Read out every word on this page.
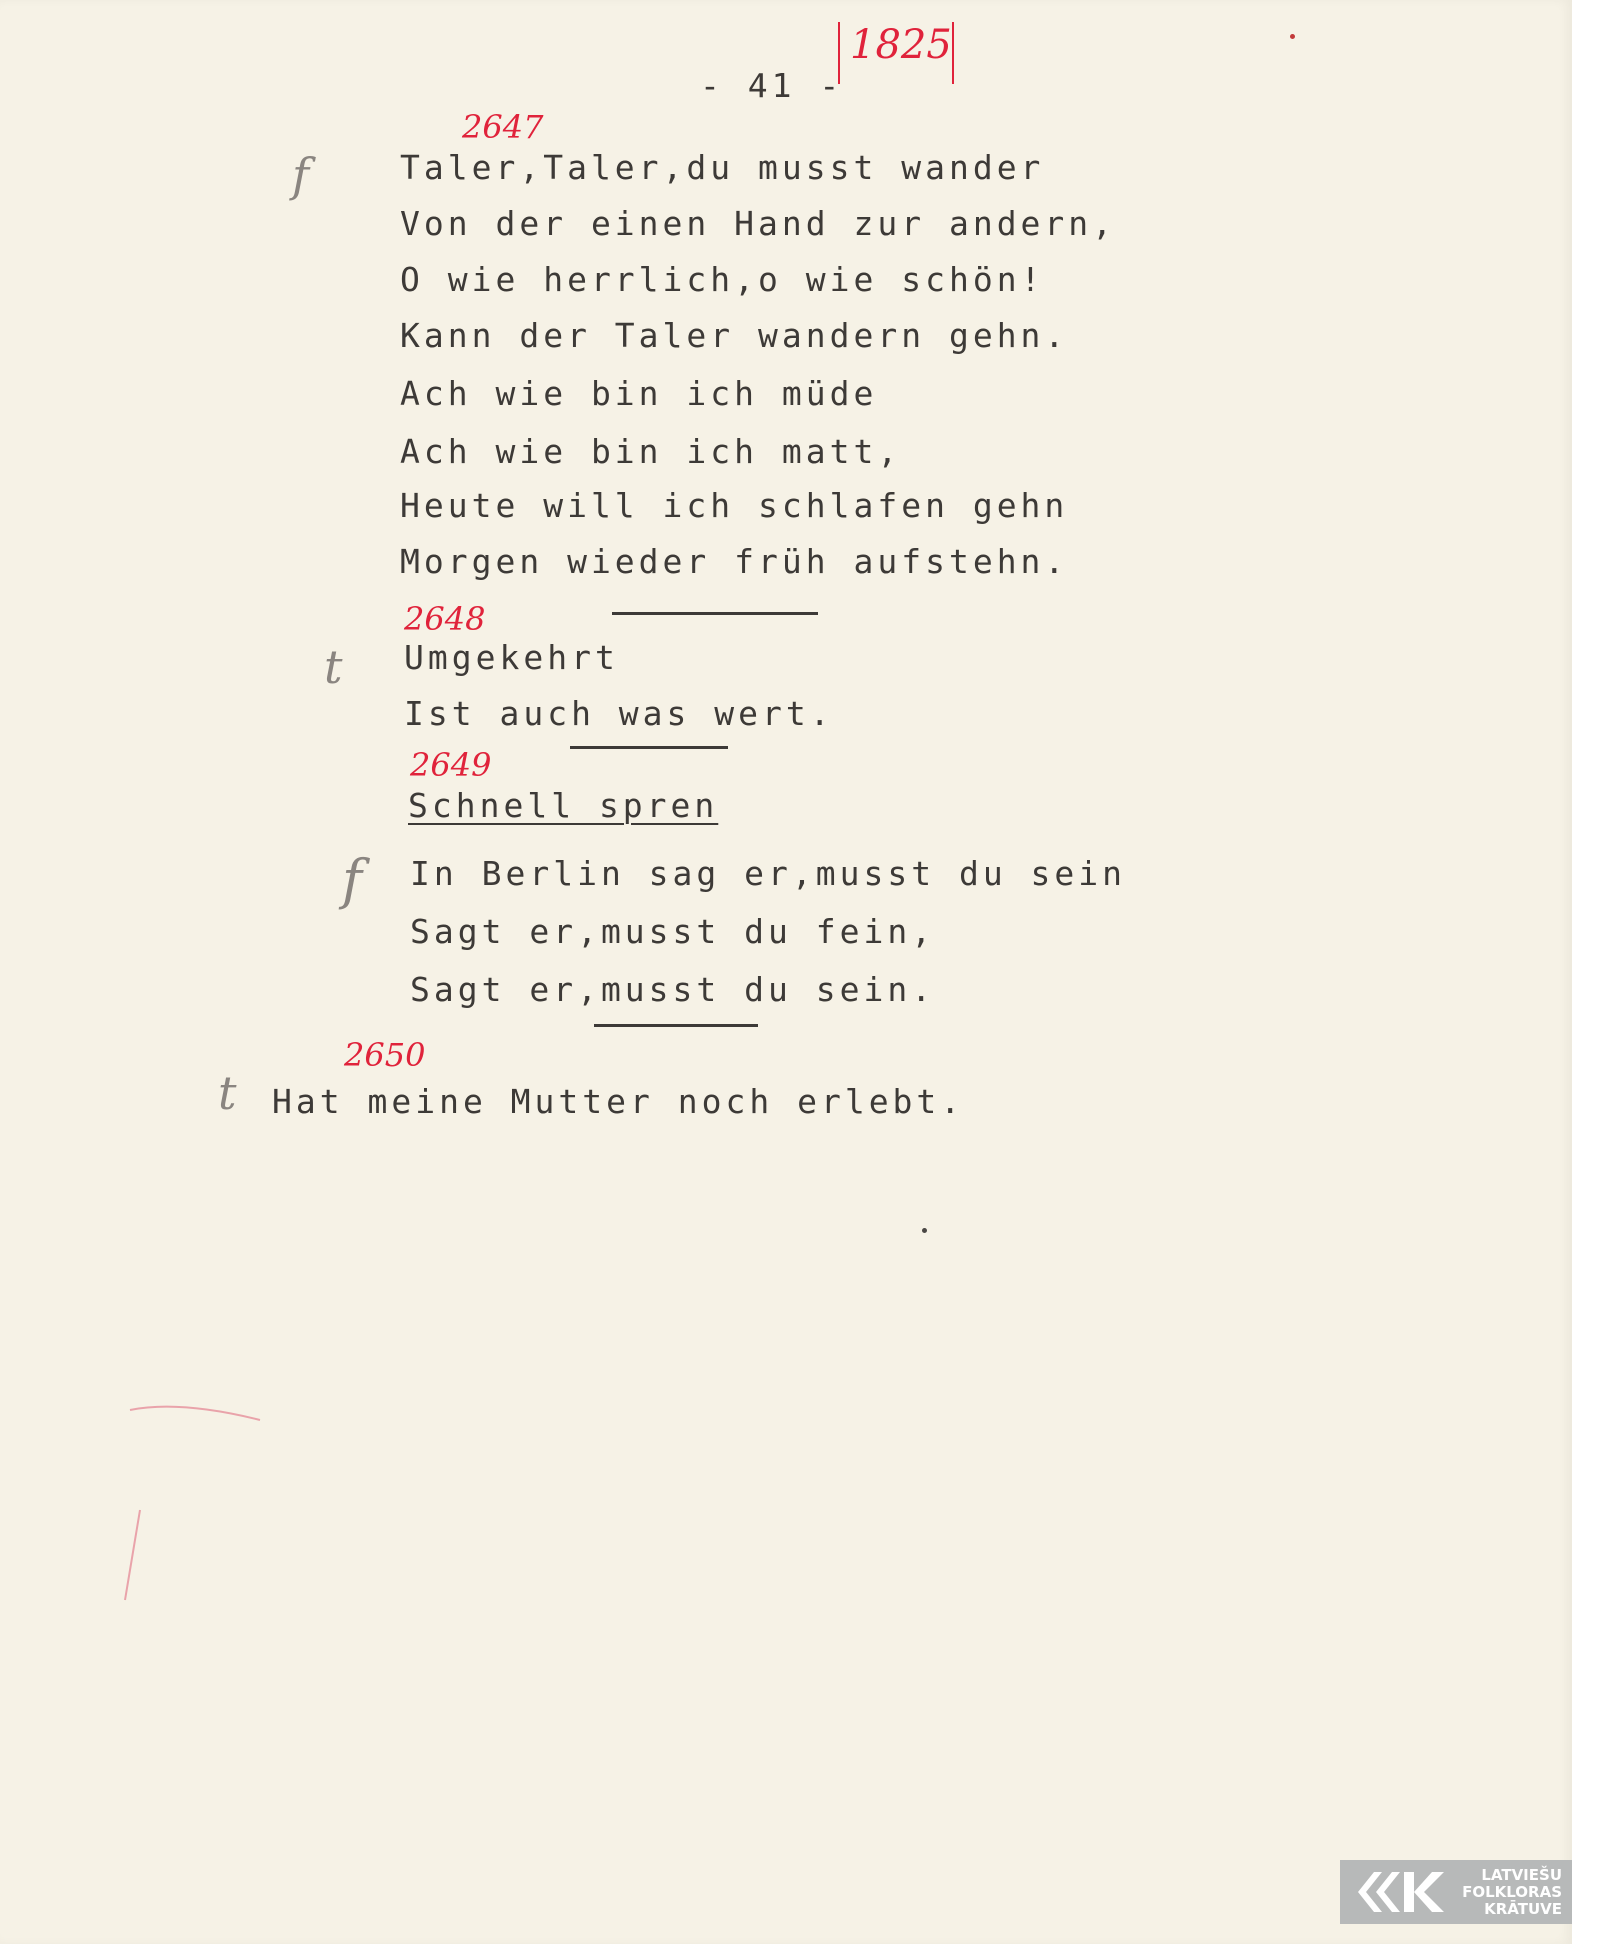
- 41 -
1825
2647
f	Taler,Taler,du musst wander
Von der einen Hand zur andern,
O wie herrlich,o wie schön!
Kann der Taler wandern gehn.
Ach wie bin ich müde
Ach wie bin ich matt,
Heute will ich schlafen gehn
Morgen wieder früh aufstehn.
2648
t Umgekehrt
Ist auch was wert.
2649
Schnell spren
f In Berlin sag er,musst du sein
Sagt er,musst du fein,
Sagt er,musst du sein.
2650
t Hat meine Mutter noch erlebt.
LATVIEŠU
FOLKLORAS
KRĀTUVE
